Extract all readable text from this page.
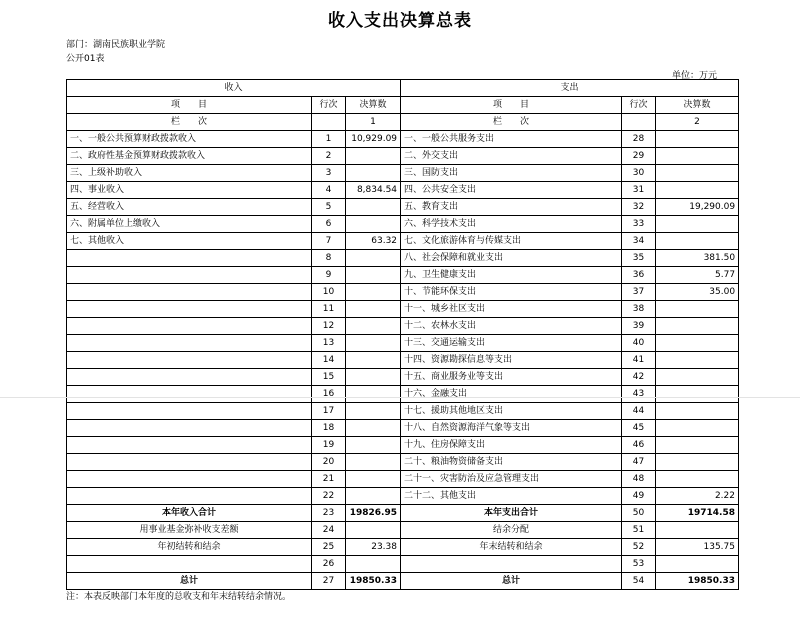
收入支出决算总表
部门：湖南民族职业学院
公开01表
单位：万元
收入			支出		
项　　目	行次	决算数	项　　目	行次	决算数
栏　　次		1	栏　　次		2
一、一般公共预算财政拨款收入	1	10,929.09	一、一般公共服务支出	28	
二、政府性基金预算财政拨款收入	2		二、外交支出	29	
三、上级补助收入	3		三、国防支出	30	
四、事业收入	4	8,834.54	四、公共安全支出	31	
五、经营收入	5		五、教育支出	32	19,290.09
六、附属单位上缴收入	6		六、科学技术支出	33	
七、其他收入	7	63.32	七、文化旅游体育与传媒支出	34	
	8		八、社会保障和就业支出	35	381.50
	9		九、卫生健康支出	36	5.77
	10		十、节能环保支出	37	35.00
	11		十一、城乡社区支出	38	
	12		十二、农林水支出	39	
	13		十三、交通运输支出	40	
	14		十四、资源勘探信息等支出	41	
	15		十五、商业服务业等支出	42	
	16		十六、金融支出	43	
	17		十七、援助其他地区支出	44	
	18		十八、自然资源海洋气象等支出	45	
	19		十九、住房保障支出	46	
	20		二十、粮油物资储备支出	47	
	21		二十一、灾害防治及应急管理支出	48	
	22		二十二、其他支出	49	2.22
本年收入合计	23	19826.95	本年支出合计	50	19714.58
用事业基金弥补收支差额	24		结余分配	51	
年初结转和结余	25	23.38	年末结转和结余	52	135.75
	26			53	
总计	27	19850.33	总计	54	19850.33
注：本表反映部门本年度的总收支和年末结转结余情况。
